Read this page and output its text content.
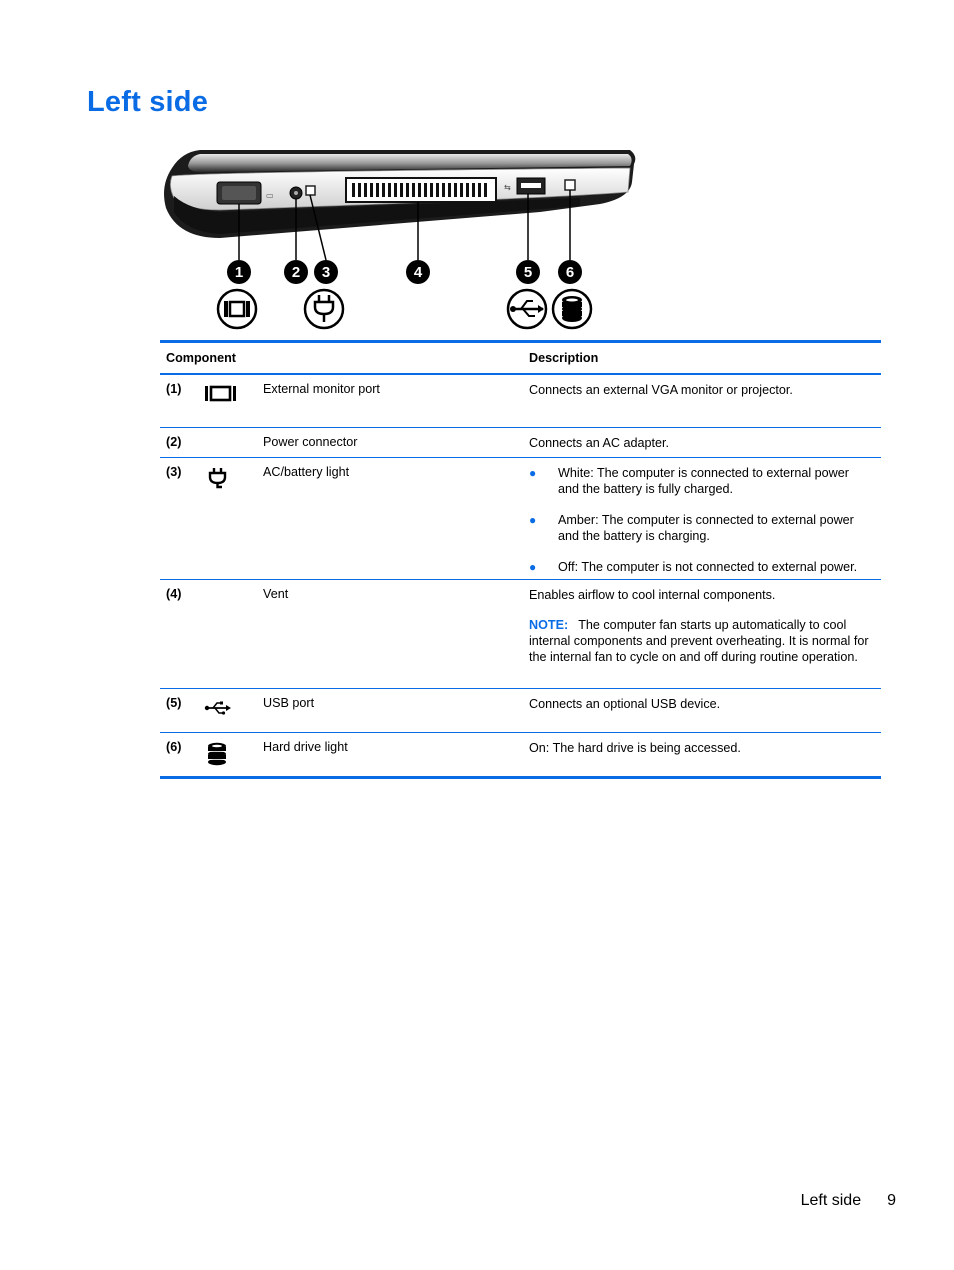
Left side
▭
⇆
1	2 3	4	5 6
Component	Description
(1)	External monitor port	Connects an external VGA monitor or projector.

(2)	Power connector	Connects an AC adapter.

(3)	AC/battery light	● White: The computer is connected to external power and the battery is fully charged.
● Amber: The computer is connected to external power and the battery is charging.
● Off: The computer is not connected to external power.
(4)	Vent	Enables airflow to cool internal components.

NOTE: The computer fan starts up automatically to cool internal components and prevent overheating. It is normal for the internal fan to cycle on and off during routine operation.

(5)	USB port	Connects an optional USB device.

(6)	Hard drive light	On: The hard drive is being accessed.

Left side 9
